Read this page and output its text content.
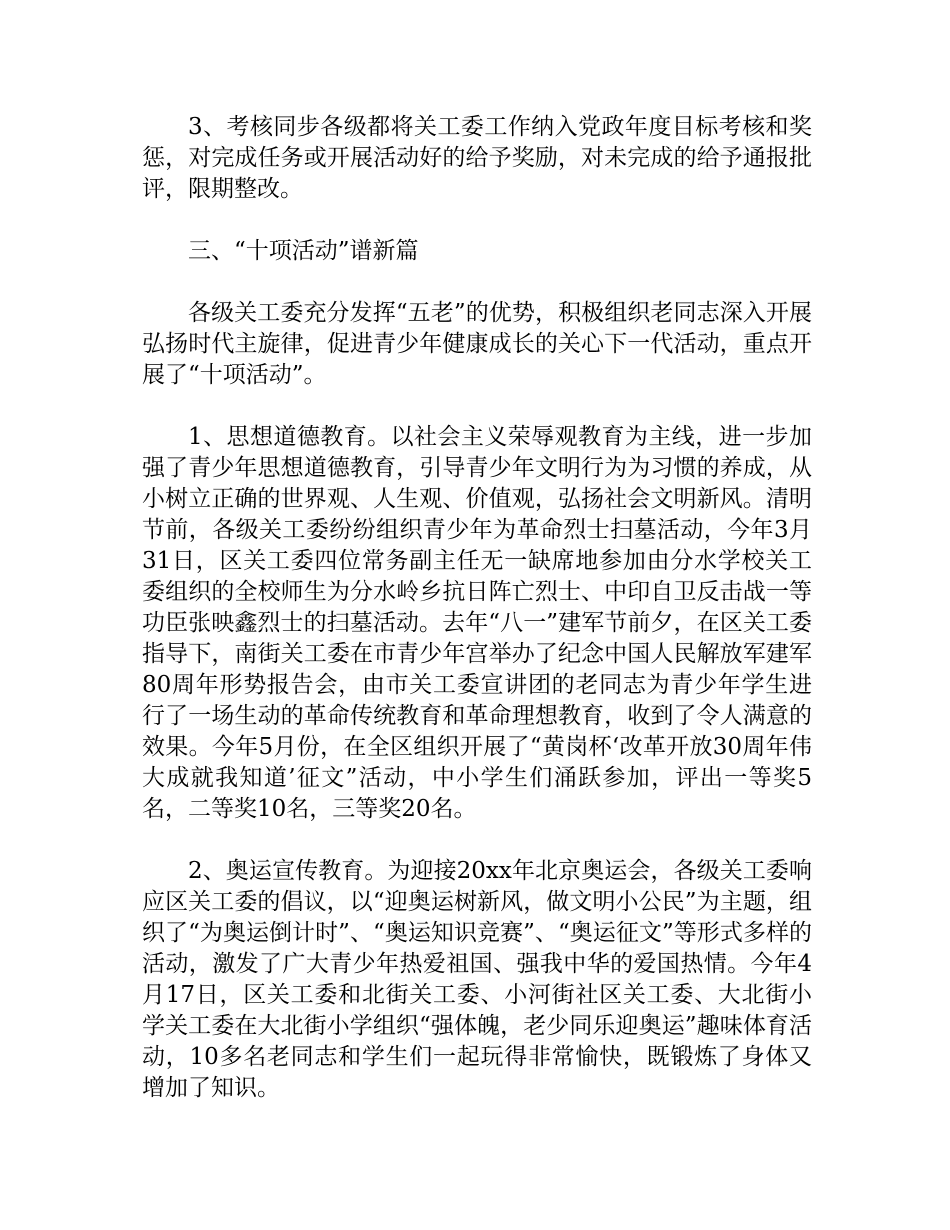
3、考核同步各级都将关工委工作纳入党政年度目标考核和奖惩，对完成任务或开展活动好的给予奖励，对未完成的给予通报批评，限期整改。

三、“十项活动”谱新篇

各级关工委充分发挥“五老”的优势，积极组织老同志深入开展弘扬时代主旋律，促进青少年健康成长的关心下一代活动，重点开展了“十项活动”。

1、思想道德教育。以社会主义荣辱观教育为主线，进一步加强了青少年思想道德教育，引导青少年文明行为为习惯的养成，从小树立正确的世界观、人生观、价值观，弘扬社会文明新风。清明节前，各级关工委纷纷组织青少年为革命烈士扫墓活动，今年3月31日，区关工委四位常务副主任无一缺席地参加由分水学校关工委组织的全校师生为分水岭乡抗日阵亡烈士、中印自卫反击战一等功臣张映鑫烈士的扫墓活动。去年“八一”建军节前夕，在区关工委指导下，南街关工委在市青少年宫举办了纪念中国人民解放军建军80周年形势报告会，由市关工委宣讲团的老同志为青少年学生进行了一场生动的革命传统教育和革命理想教育，收到了令人满意的效果。今年5月份，在全区组织开展了“黄岗杯‘改革开放30周年伟大成就我知道’征文”活动，中小学生们涌跃参加，评出一等奖5名，二等奖10名，三等奖20名。

2、奥运宣传教育。为迎接20xx年北京奥运会，各级关工委响应区关工委的倡议，以“迎奥运树新风，做文明小公民”为主题，组织了“为奥运倒计时”、“奥运知识竞赛”、“奥运征文”等形式多样的活动，激发了广大青少年热爱祖国、强我中华的爱国热情。今年4月17日，区关工委和北街关工委、小河街社区关工委、大北街小学关工委在大北街小学组织“强体魄，老少同乐迎奥运”趣味体育活动，10多名老同志和学生们一起玩得非常愉快，既锻炼了身体又增加了知识。
